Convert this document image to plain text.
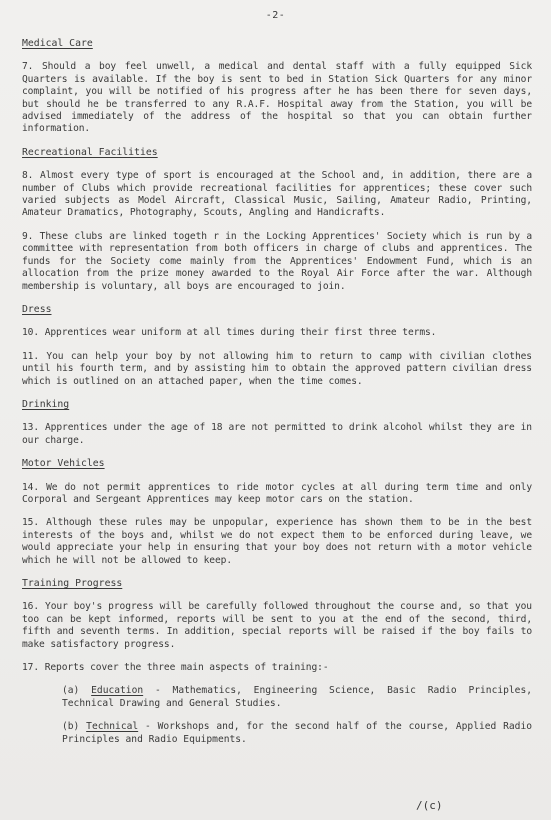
-2-
Medical Care

7. Should a boy feel unwell, a medical and dental staff with a fully equipped Sick Quarters is available. If the boy is sent to bed in Station Sick Quarters for any minor complaint, you will be notified of his progress after he has been there for seven days, but should he be transferred to any R.A.F. Hospital away from the Station, you will be advised immediately of the address of the hospital so that you can obtain further information.

Recreational Facilities

8. Almost every type of sport is encouraged at the School and, in addition, there are a number of Clubs which provide recreational facilities for apprentices; these cover such varied subjects as Model Aircraft, Classical Music, Sailing, Amateur Radio, Printing, Amateur Dramatics, Photography, Scouts, Angling and Handicrafts.

9. These clubs are linked togeth r in the Locking Apprentices' Society which is run by a committee with representation from both officers in charge of clubs and apprentices. The funds for the Society come mainly from the Apprentices' Endowment Fund, which is an allocation from the prize money awarded to the Royal Air Force after the war. Although membership is voluntary, all boys are encouraged to join.

Dress

10. Apprentices wear uniform at all times during their first three terms.

11. You can help your boy by not allowing him to return to camp with civilian clothes until his fourth term, and by assisting him to obtain the approved pattern civilian dress which is outlined on an attached paper, when the time comes.

Drinking

13. Apprentices under the age of 18 are not permitted to drink alcohol whilst they are in our charge.

Motor Vehicles

14. We do not permit apprentices to ride motor cycles at all during term time and only Corporal and Sergeant Apprentices may keep motor cars on the station.

15. Although these rules may be unpopular, experience has shown them to be in the best interests of the boys and, whilst we do not expect them to be enforced during leave, we would appreciate your help in ensuring that your boy does not return with a motor vehicle which he will not be allowed to keep.

Training Progress

16. Your boy's progress will be carefully followed throughout the course and, so that you too can be kept informed, reports will be sent to you at the end of the second, third, fifth and seventh terms. In addition, special reports will be raised if the boy fails to make satisfactory progress.

17. Reports cover the three main aspects of training:-

(a) Education - Mathematics, Engineering Science, Basic Radio Principles, Technical Drawing and General Studies.
(b) Technical - Workshops and, for the second half of the course, Applied Radio Principles and Radio Equipments.
/(c)
